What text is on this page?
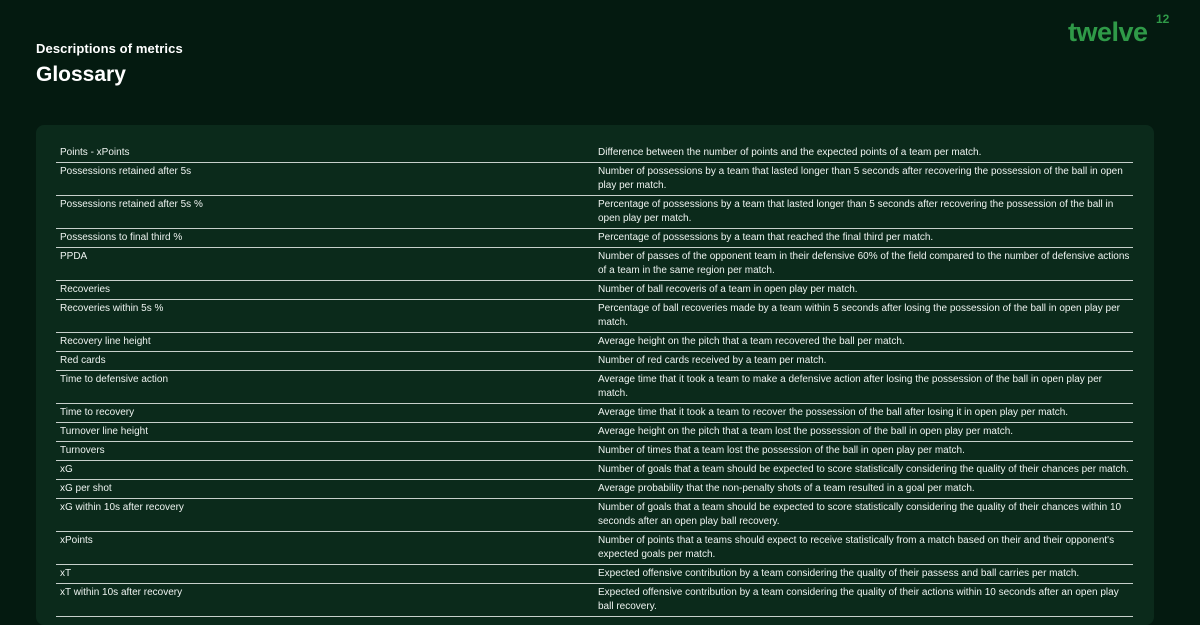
Descriptions of metrics
Glossary
twelve 12
Points - xPoints	Difference between the number of points and the expected points of a team per match.
Possessions retained after 5s	Number of possessions by a team that lasted longer than 5 seconds after recovering the possession of the ball in open play per match.
Possessions retained after 5s %	Percentage of possessions by a team that lasted longer than 5 seconds after recovering the possession of the ball in open play per match.
Possessions to final third %	Percentage of possessions by a team that reached the final third per match.
PPDA	Number of passes of the opponent team in their defensive 60% of the field compared to the number of defensive actions of a team in the same region per match.
Recoveries	Number of ball recoveris of a team in open play per match.
Recoveries within 5s %	Percentage of ball recoveries made by a team within 5 seconds after losing the possession of the ball in open play per match.
Recovery line height	Average height on the pitch that a team recovered the ball per match.
Red cards	Number of red cards received by a team per match.
Time to defensive action	Average time that it took a team to make a defensive action after losing the possession of the ball in open play per match.
Time to recovery	Average time that it took a team to recover the possession of the ball after losing it in open play per match.
Turnover line height	Average height on the pitch that a team lost the possession of the ball in open play per match.
Turnovers	Number of times that a team lost the possession of the ball in open play per match.
xG	Number of goals that a team should be expected to score statistically considering the quality of their chances per match.
xG per shot	Average probability that the non-penalty shots of a team resulted in a goal per match.
xG within 10s after recovery	Number of goals that a team should be expected to score statistically considering the quality of their chances within 10 seconds after an open play ball recovery.
xPoints	Number of points that a teams should expect to receive statistically from a match based on their and their opponent's expected goals per match.
xT	Expected offensive contribution by a team considering the quality of their passess and ball carries per match.
xT within 10s after recovery	Expected offensive contribution by a team considering the quality of their actions within 10 seconds after an open play ball recovery.
